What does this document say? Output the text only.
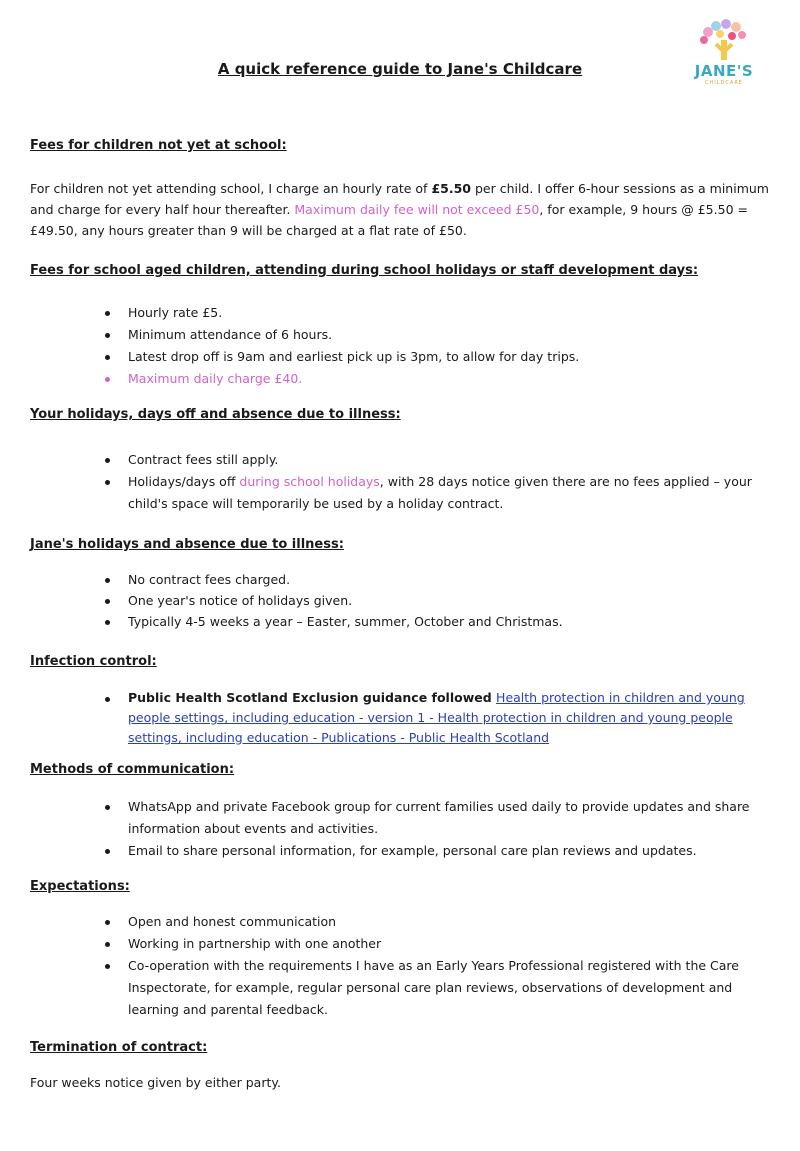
JANE'S
CHILDCARE
A quick reference guide to Jane's Childcare
Fees for children not yet at school:
For children not yet attending school, I charge an hourly rate of £5.50 per child. I offer 6-hour sessions as a minimum and charge for every half hour thereafter. Maximum daily fee will not exceed £50, for example, 9 hours @ £5.50 = £49.50, any hours greater than 9 will be charged at a flat rate of £50.
Fees for school aged children, attending during school holidays or staff development days:
Hourly rate £5.
Minimum attendance of 6 hours.
Latest drop off is 9am and earliest pick up is 3pm, to allow for day trips.
Maximum daily charge £40.
Your holidays, days off and absence due to illness:
Contract fees still apply.
Holidays/days off during school holidays, with 28 days notice given there are no fees applied – your child's space will temporarily be used by a holiday contract.
Jane's holidays and absence due to illness:
No contract fees charged.
One year's notice of holidays given.
Typically 4-5 weeks a year – Easter, summer, October and Christmas.
Infection control:
Public Health Scotland Exclusion guidance followed Health protection in children and young people settings, including education - version 1 - Health protection in children and young people settings, including education - Publications - Public Health Scotland
Methods of communication:
WhatsApp and private Facebook group for current families used daily to provide updates and share information about events and activities.
Email to share personal information, for example, personal care plan reviews and updates.
Expectations:
Open and honest communication
Working in partnership with one another
Co-operation with the requirements I have as an Early Years Professional registered with the Care Inspectorate, for example, regular personal care plan reviews, observations of development and learning and parental feedback.
Termination of contract:
Four weeks notice given by either party.
